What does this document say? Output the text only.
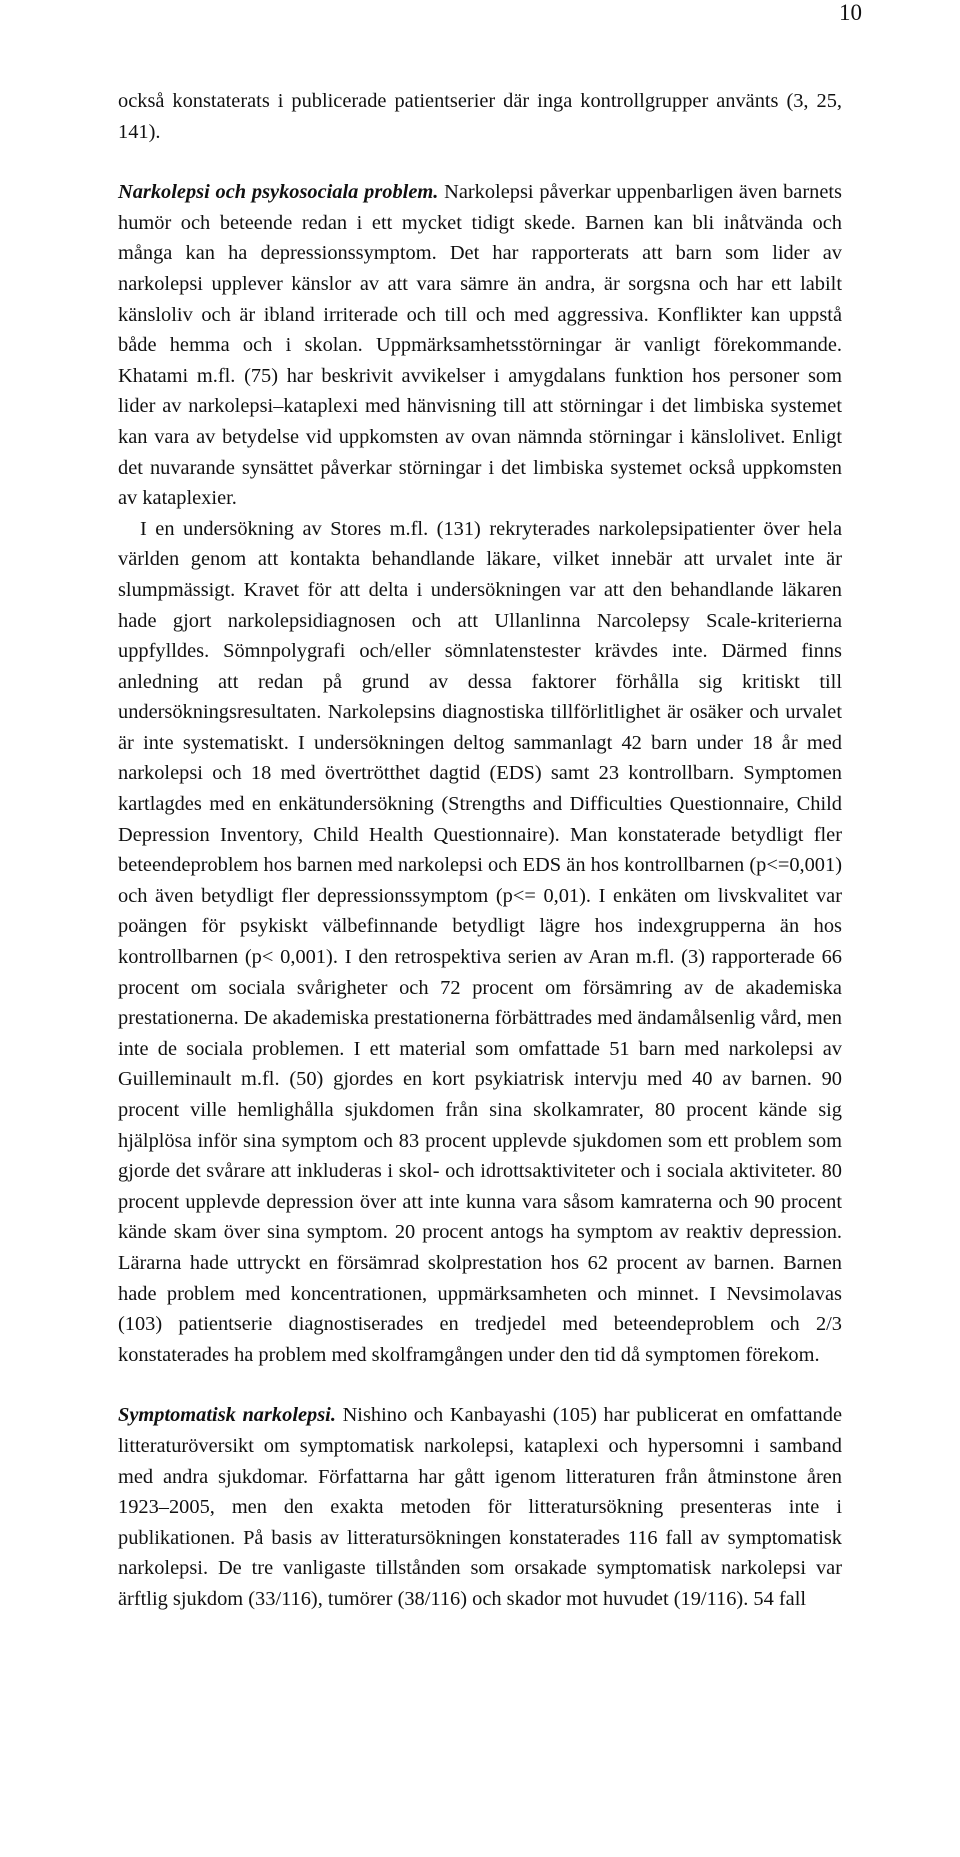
10

också konstaterats i publicerade patientserier där inga kontrollgrupper använts (3, 25, 141).

Narkolepsi och psykosociala problem. Narkolepsi påverkar uppenbarligen även barnets humör och beteende redan i ett mycket tidigt skede. Barnen kan bli inåtvända och många kan ha depressionssymptom. Det har rapporterats att barn som lider av narkolepsi upplever känslor av att vara sämre än andra, är sorgsna och har ett labilt känsloliv och är ibland irriterade och till och med aggressiva. Konflikter kan uppstå både hemma och i skolan. Uppmärksamhetsstörningar är vanligt förekommande. Khatami m.fl. (75) har beskrivit avvikelser i amygdalans funktion hos personer som lider av narkolepsi–kataplexi med hänvisning till att störningar i det limbiska systemet kan vara av betydelse vid uppkomsten av ovan nämnda störningar i känslolivet. Enligt det nuvarande synsättet påverkar störningar i det limbiska systemet också uppkomsten av kataplexier.

I en undersökning av Stores m.fl. (131) rekryterades narkolepsipatienter över hela världen genom att kontakta behandlande läkare, vilket innebär att urvalet inte är slumpmässigt. Kravet för att delta i undersökningen var att den behandlande läkaren hade gjort narkolepsidiagnosen och att Ullanlinna Narcolepsy Scale-kriterierna uppfylldes. Sömnpolygrafi och/eller sömnlatenstester krävdes inte. Därmed finns anledning att redan på grund av dessa faktorer förhålla sig kritiskt till undersökningsresultaten. Narkolepsins diagnostiska tillförlitlighet är osäker och urvalet är inte systematiskt. I undersökningen deltog sammanlagt 42 barn under 18 år med narkolepsi och 18 med övertrötthet dagtid (EDS) samt 23 kontrollbarn. Symptomen kartlagdes med en enkätundersökning (Strengths and Difficulties Questionnaire, Child Depression Inventory, Child Health Questionnaire). Man konstaterade betydligt fler beteendeproblem hos barnen med narkolepsi och EDS än hos kontrollbarnen (p<=0,001) och även betydligt fler depressionssymptom (p<= 0,01). I enkäten om livskvalitet var poängen för psykiskt välbefinnande betydligt lägre hos indexgrupperna än hos kontrollbarnen (p< 0,001). I den retrospektiva serien av Aran m.fl. (3) rapporterade 66 procent om sociala svårigheter och 72 procent om försämring av de akademiska prestationerna. De akademiska prestationerna förbättrades med ändamålsenlig vård, men inte de sociala problemen. I ett material som omfattade 51 barn med narkolepsi av Guilleminault m.fl. (50) gjordes en kort psykiatrisk intervju med 40 av barnen. 90 procent ville hemlighålla sjukdomen från sina skolkamrater, 80 procent kände sig hjälplösa inför sina symptom och 83 procent upplevde sjukdomen som ett problem som gjorde det svårare att inkluderas i skol- och idrottsaktiviteter och i sociala aktiviteter. 80 procent upplevde depression över att inte kunna vara såsom kamraterna och 90 procent kände skam över sina symptom. 20 procent antogs ha symptom av reaktiv depression. Lärarna hade uttryckt en försämrad skolprestation hos 62 procent av barnen. Barnen hade problem med koncentrationen, uppmärksamheten och minnet. I Nevsimolavas (103) patientserie diagnostiserades en tredjedel med beteendeproblem och 2/3 konstaterades ha problem med skolframgången under den tid då symptomen förekom.

Symptomatisk narkolepsi. Nishino och Kanbayashi (105) har publicerat en omfattande litteraturöversikt om symptomatisk narkolepsi, kataplexi och hypersomni i samband med andra sjukdomar. Författarna har gått igenom litteraturen från åtminstone åren 1923–2005, men den exakta metoden för litteratursökning presenteras inte i publikationen. På basis av litteratursökningen konstaterades 116 fall av symptomatisk narkolepsi. De tre vanligaste tillstånden som orsakade symptomatisk narkolepsi var ärftlig sjukdom (33/116), tumörer (38/116) och skador mot huvudet (19/116). 54 fall
